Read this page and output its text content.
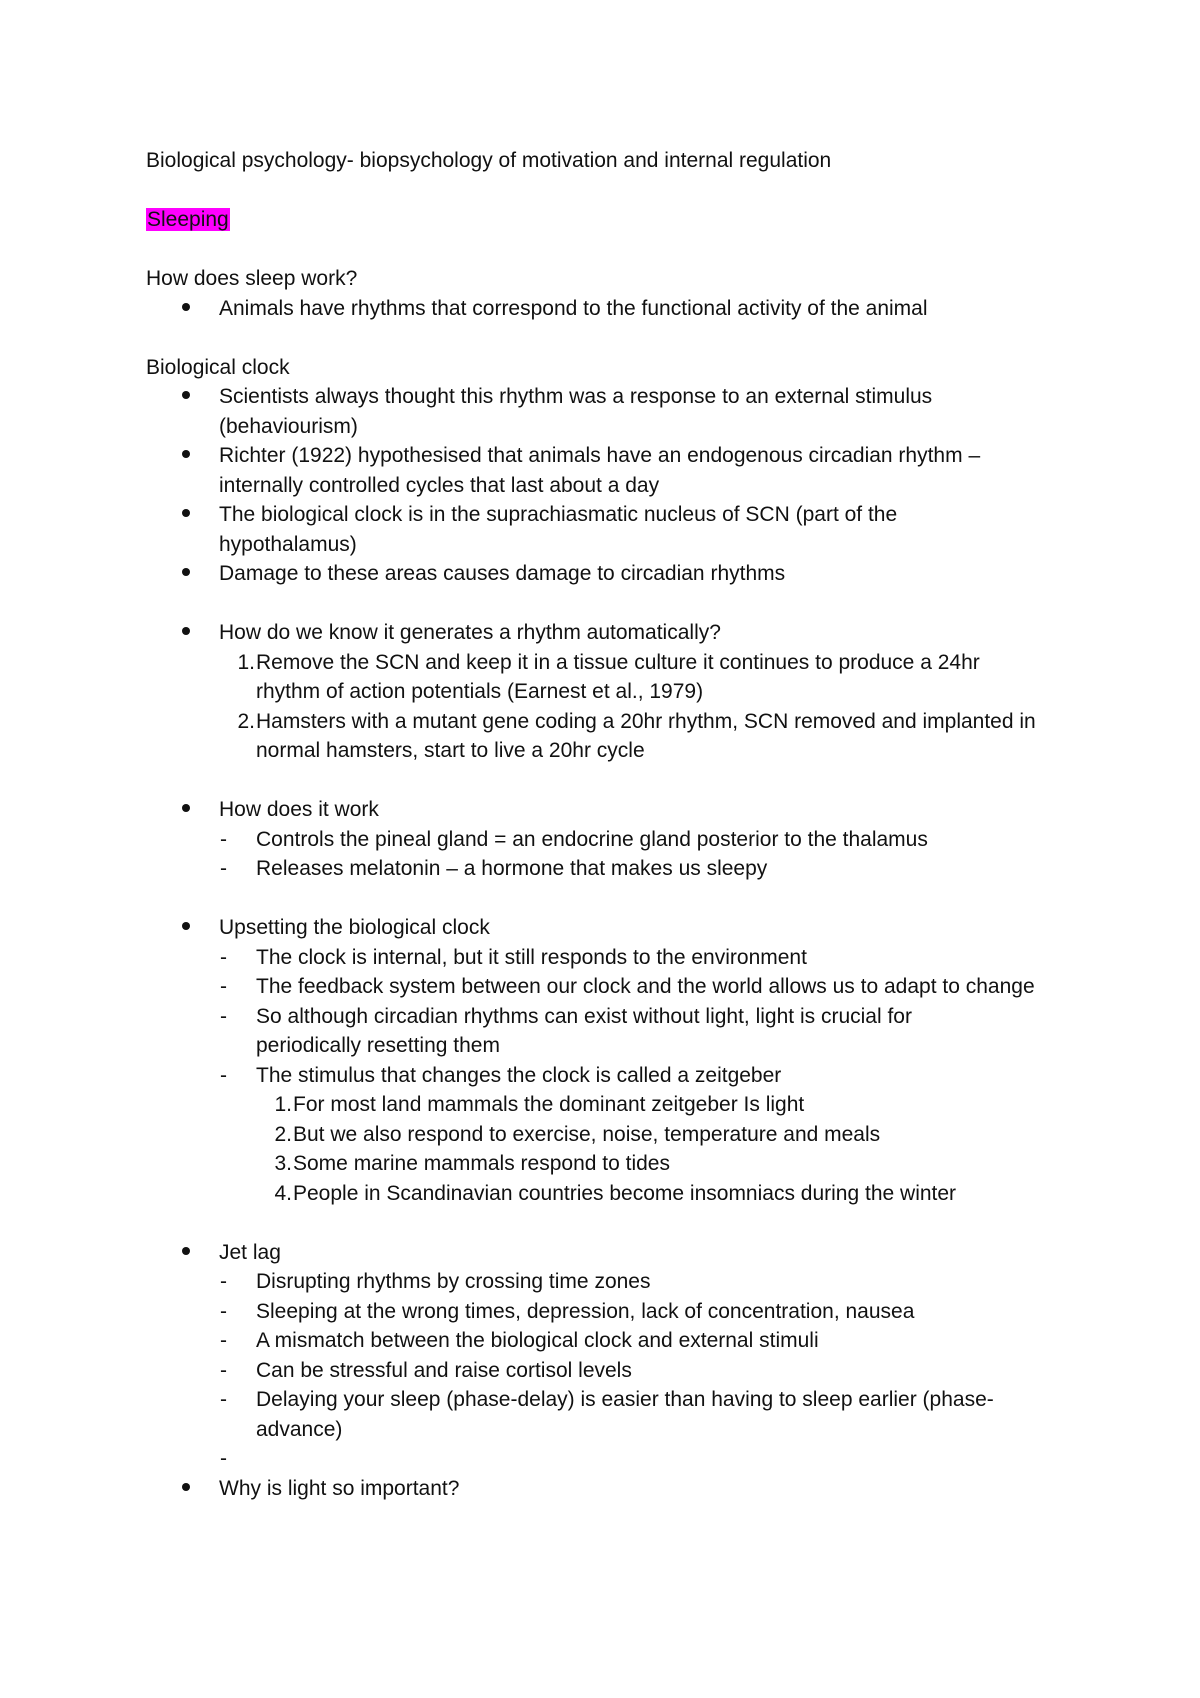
Biological psychology- biopsychology of motivation and internal regulation
Sleeping
How does sleep work?
Animals have rhythms that correspond to the functional activity of the animal
Biological clock
Scientists always thought this rhythm was a response to an external stimulus (behaviourism)
Richter (1922) hypothesised that animals have an endogenous circadian rhythm – internally controlled cycles that last about a day
The biological clock is in the suprachiasmatic nucleus of SCN (part of the hypothalamus)
Damage to these areas causes damage to circadian rhythms
How do we know it generates a rhythm automatically?
1 . Remove the SCN and keep it in a tissue culture it continues to produce a 24hr rhythm of action potentials (Earnest et al., 1979)
2 . Hamsters with a mutant gene coding a 20hr rhythm, SCN removed and implanted in normal hamsters, start to live a 20hr cycle
How does it work
- Controls the pineal gland = an endocrine gland posterior to the thalamus
- Releases melatonin – a hormone that makes us sleepy
Upsetting the biological clock
- The clock is internal, but it still responds to the environment
- The feedback system between our clock and the world allows us to adapt to change
- So although circadian rhythms can exist without light, light is crucial for periodically resetting them
- The stimulus that changes the clock is called a zeitgeber
1 . For most land mammals the dominant zeitgeber Is light
2 . But we also respond to exercise, noise, temperature and meals
3 . Some marine mammals respond to tides
4 . People in Scandinavian countries become insomniacs during the winter
Jet lag
- Disrupting rhythms by crossing time zones
- Sleeping at the wrong times, depression, lack of concentration, nausea
- A mismatch between the biological clock and external stimuli
- Can be stressful and raise cortisol levels
- Delaying your sleep (phase-delay) is easier than having to sleep earlier (phase-advance)
-

Why is light so important?
